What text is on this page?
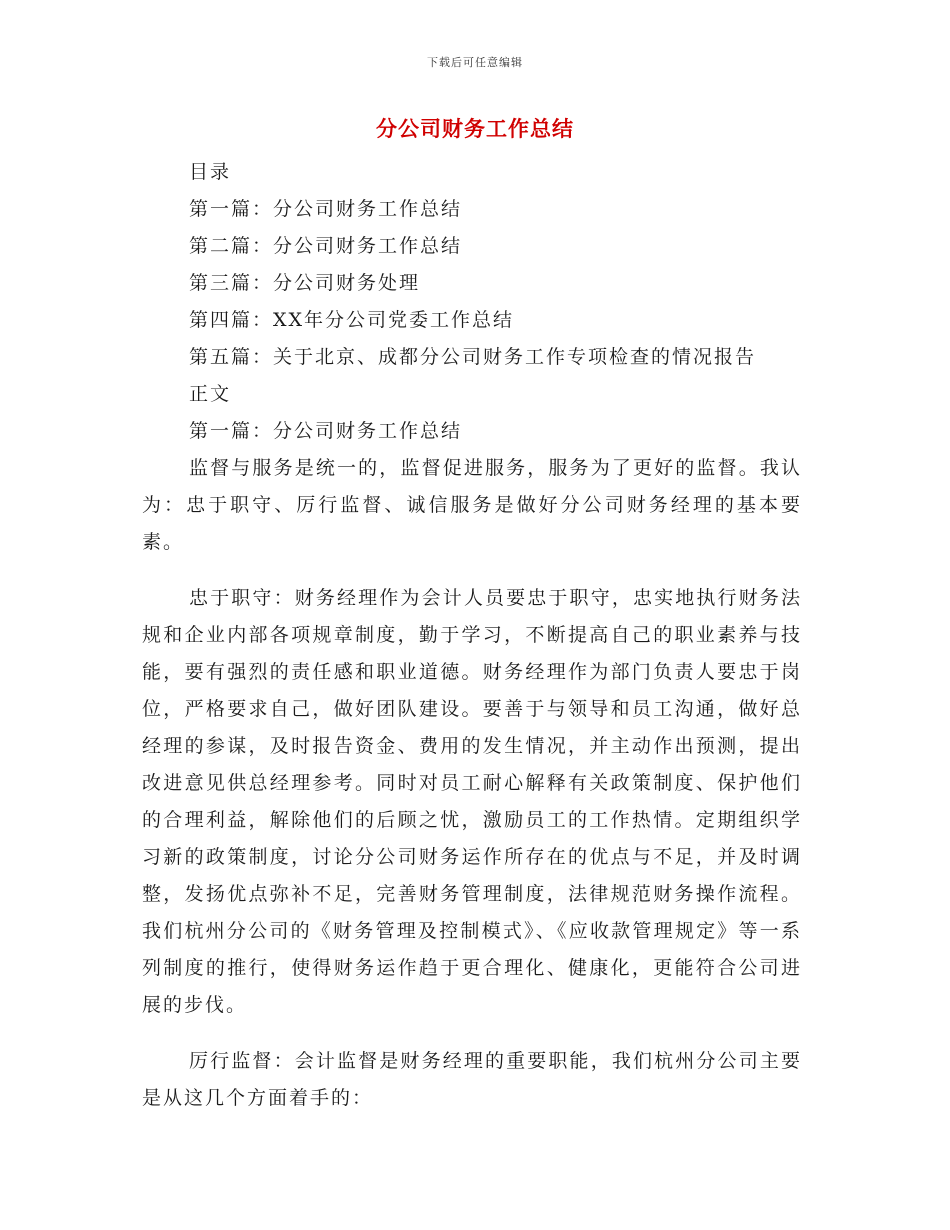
下载后可任意编辑
分公司财务工作总结
目录
第一篇：分公司财务工作总结
第二篇：分公司财务工作总结
第三篇：分公司财务处理
第四篇：XX年分公司党委工作总结
第五篇：关于北京、成都分公司财务工作专项检查的情况报告
正文
第一篇：分公司财务工作总结

监督与服务是统一的，监督促进服务，服务为了更好的监督。我认为：忠于职守、厉行监督、诚信服务是做好分公司财务经理的基本要素。

忠于职守：财务经理作为会计人员要忠于职守，忠实地执行财务法规和企业内部各项规章制度，勤于学习，不断提高自己的职业素养与技能，要有强烈的责任感和职业道德。财务经理作为部门负责人要忠于岗位，严格要求自己，做好团队建设。要善于与领导和员工沟通，做好总经理的参谋，及时报告资金、费用的发生情况，并主动作出预测，提出改进意见供总经理参考。同时对员工耐心解释有关政策制度、保护他们的合理利益，解除他们的后顾之忧，激励员工的工作热情。定期组织学习新的政策制度，讨论分公司财务运作所存在的优点与不足，并及时调整，发扬优点弥补不足，完善财务管理制度，法律规范财务操作流程。我们杭州分公司的《财务管理及控制模式》、《应收款管理规定》等一系列制度的推行，使得财务运作趋于更合理化、健康化，更能符合公司进展的步伐。

厉行监督：会计监督是财务经理的重要职能，我们杭州分公司主要是从这几个方面着手的：
